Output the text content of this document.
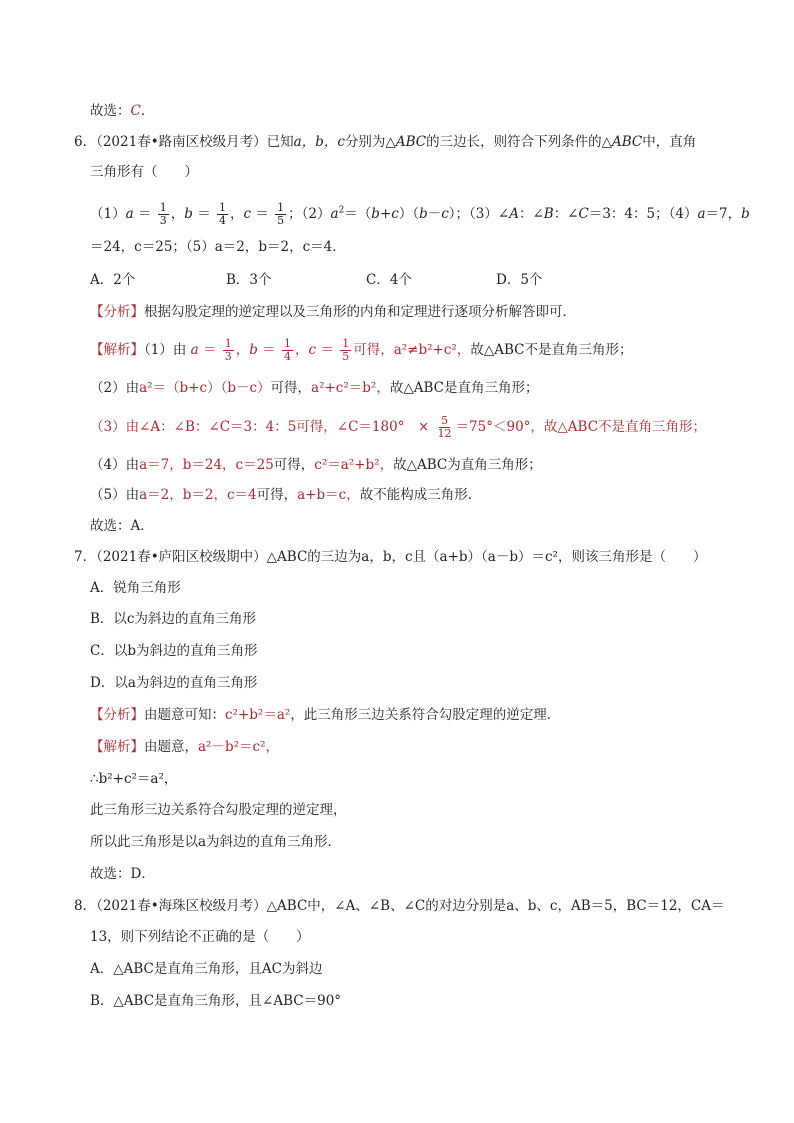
故选：C．
6．（2021春•路南区校级月考）已知a，b，c分别为△ABC的三边长，则符合下列条件的△ABC中，直角
三角形有（　　）
$(1)a = \frac{1}{3}$ ，$b = \frac{1}{4}$ ，$c = \frac{1}{5}$ ；$(2)a^2=(b+c)(b-c)$；（3）∠A：∠B：∠C＝3：4：5；（4）a＝7，b
＝24，c＝25；（5）a＝2，b＝2，c＝4．
A．2个	B．3个	C．4个	D．5个
【分析】根据勾股定理的逆定理以及三角形的内角和定理进行逐项分析解答即可．
【解析】（1）由 $a = \frac{1}{3}$ ，$b = \frac{1}{4}$ ，$c = \frac{1}{5}$ 可得，a²≠b²+c²，故△ABC不是直角三角形；
（2）由a²＝（b+c）（b－c）可得，a²+c²＝b²，故△ABC是直角三角形；
（3）由∠A：∠B：∠C＝3：4：5可得，∠C＝180°　× $\frac{5}{12} =75^\circ<90^\circ$，故△ABC不是直角三角形；
（4）由a＝7，b＝24，c＝25可得，c²＝a²+b²，故△ABC为直角三角形；
（5）由a＝2，b＝2，c＝4可得，a+b＝c，故不能构成三角形．
故选：A．
7．（2021春•庐阳区校级期中）△ABC的三边为a，b，c且（a+b）（a－b）＝c²，则该三角形是（　　）
A．锐角三角形
B．以c为斜边的直角三角形
C．以b为斜边的直角三角形
D．以a为斜边的直角三角形
【分析】由题意可知：c²+b²＝a²，此三角形三边关系符合勾股定理的逆定理．
【解析】由题意，a²－b²＝c²，
∴b²+c²＝a²，
此三角形三边关系符合勾股定理的逆定理，
所以此三角形是以a为斜边的直角三角形．
故选：D．
8．（2021春•海珠区校级月考）△ABC中，∠A、∠B、∠C的对边分别是a、b、c，AB＝5，BC＝12，CA＝
13，则下列结论不正确的是（　　）
A．△ABC是直角三角形，且AC为斜边
B．△ABC是直角三角形，且∠ABC＝90°
